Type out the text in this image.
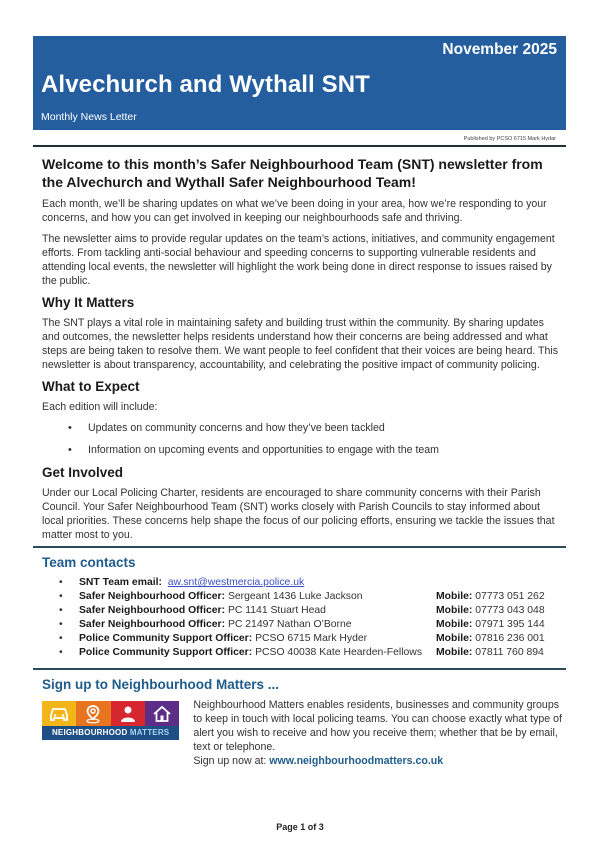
November 2025
Alvechurch and Wythall SNT
Monthly News Letter
Published by PCSO 6715 Mark Hydar
Welcome to this month’s Safer Neighbourhood Team (SNT) newsletter from the Alvechurch and Wythall Safer Neighbourhood Team!

Each month, we’ll be sharing updates on what we’ve been doing in your area, how we’re responding to your concerns, and how you can get involved in keeping our neighbourhoods safe and thriving.

The newsletter aims to provide regular updates on the team’s actions, initiatives, and community engagement efforts. From tackling anti-social behaviour and speeding concerns to supporting vulnerable residents and attending local events, the newsletter will highlight the work being done in direct response to issues raised by the public.

Why It Matters

The SNT plays a vital role in maintaining safety and building trust within the community. By sharing updates and outcomes, the newsletter helps residents understand how their concerns are being addressed and what steps are being taken to resolve them. We want people to feel confident that their voices are being heard. This newsletter is about transparency, accountability, and celebrating the positive impact of community policing.

What to Expect

Each edition will include:

• Updates on community concerns and how they’ve been tackled
• Information on upcoming events and opportunities to engage with the team
Get Involved

Under our Local Policing Charter, residents are encouraged to share community concerns with their Parish Council. Your Safer Neighbourhood Team (SNT) works closely with Parish Councils to stay informed about local priorities. These concerns help shape the focus of our policing efforts, ensuring we tackle the issues that matter most to you.

Team contacts
• SNT Team email: aw.snt@westmercia.police.uk
• Safer Neighbourhood Officer: Sergeant 1436 Luke Jackson	Mobile: 07773 051 262
• Safer Neighbourhood Officer: PC 1141 Stuart Head	Mobile: 07773 043 048
• Safer Neighbourhood Officer: PC 21497 Nathan O’Borne	Mobile: 07971 395 144
• Police Community Support Officer: PCSO 6715 Mark Hyder	Mobile: 07816 236 001
• Police Community Support Officer: PCSO 40038 Kate Hearden-Fellows	Mobile: 07811 760 894
Sign up to Neighbourhood Matters ...
NEIGHBOURHOOD MATTERS

Neighbourhood Matters enables residents, businesses and community groups to keep in touch with local policing teams. You can choose exactly what type of alert you wish to receive and how you receive them; whether that be by email, text or telephone.

Sign up now at: www.neighbourhoodmatters.co.uk

Page 1 of 3
